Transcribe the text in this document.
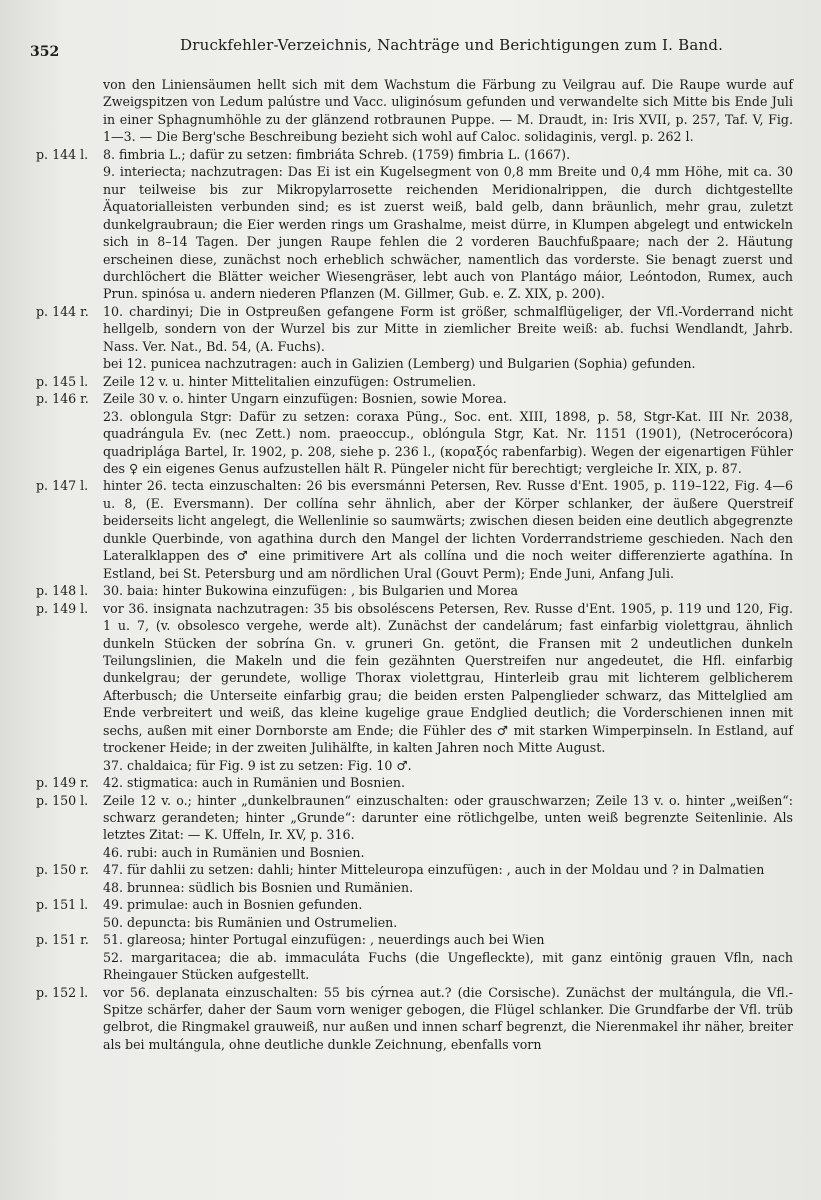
352	Druckfehler-Verzeichnis, Nachträge und Berichtigungen zum I. Band.
von den Liniensäumen hellt sich mit dem Wachstum die Färbung zu Veilgrau auf. Die Raupe wurde auf Zweigspitzen von Ledum palústre und Vacc. uliginósum gefunden und verwandelte sich Mitte bis Ende Juli in einer Sphagnumhöhle zu der glänzend rotbraunen Puppe. — M. Draudt, in: Iris XVII, p. 257, Taf. V, Fig. 1—3. — Die Berg'sche Beschreibung bezieht sich wohl auf Caloc. solidaginis, vergl. p. 262 l.
p. 144 l.	8. fimbria L.; dafür zu setzen: fimbriáta Schreb. (1759) fimbria L. (1667).
9. interiecta; nachzutragen: Das Ei ist ein Kugelsegment von 0,8 mm Breite und 0,4 mm Höhe, mit ca. 30 nur teilweise bis zur Mikropylarrosette reichenden Meridionalrippen, die durch dichtgestellte Äquatorialleisten verbunden sind; es ist zuerst weiß, bald gelb, dann bräunlich, mehr grau, zuletzt dunkelgraubraun; die Eier werden rings um Grashalme, meist dürre, in Klumpen abgelegt und entwickeln sich in 8–14 Tagen. Der jungen Raupe fehlen die 2 vorderen Bauchfußpaare; nach der 2. Häutung erscheinen diese, zunächst noch erheblich schwächer, namentlich das vorderste. Sie benagt zuerst und durchlöchert die Blätter weicher Wiesengräser, lebt auch von Plantágo máior, Leóntodon, Rumex, auch Prun. spinósa u. andern niederen Pflanzen (M. Gillmer, Gub. e. Z. XIX, p. 200).
p. 144 r.	10. chardinyi; Die in Ostpreußen gefangene Form ist größer, schmalflügeliger, der Vfl.-Vorderrand nicht hellgelb, sondern von der Wurzel bis zur Mitte in ziemlicher Breite weiß: ab. fuchsi Wendlandt, Jahrb. Nass. Ver. Nat., Bd. 54, (A. Fuchs).
bei 12. punicea nachzutragen: auch in Galizien (Lemberg) und Bulgarien (Sophia) gefunden.
p. 145 l.	Zeile 12 v. u. hinter Mittelitalien einzufügen: Ostrumelien.
p. 146 r.	Zeile 30 v. o. hinter Ungarn einzufügen: Bosnien, sowie Morea.
23. oblongula Stgr: Dafür zu setzen: coraxa Püng., Soc. ent. XIII, 1898, p. 58, Stgr-Kat. III Nr. 2038, quadrángula Ev. (nec Zett.) nom. praeoccup., oblóngula Stgr, Kat. Nr. 1151 (1901), (Netrocerócora) quadriplága Bartel, Ir. 1902, p. 208, siehe p. 236 l., (κοραξός rabenfarbig). Wegen der eigenartigen Fühler des ♀ ein eigenes Genus aufzustellen hält R. Püngeler nicht für berechtigt; vergleiche Ir. XIX, p. 87.
p. 147 l.	hinter 26. tecta einzuschalten: 26 bis eversmánni Petersen, Rev. Russe d'Ent. 1905, p. 119–122, Fig. 4—6 u. 8, (E. Eversmann). Der collína sehr ähnlich, aber der Körper schlanker, der äußere Querstreif beiderseits licht angelegt, die Wellenlinie so saumwärts; zwischen diesen beiden eine deutlich abgegrenzte dunkle Querbinde, von agathina durch den Mangel der lichten Vorderrandstrieme geschieden. Nach den Lateralklappen des ♂ eine primitivere Art als collína und die noch weiter differenzierte agathína. In Estland, bei St. Petersburg und am nördlichen Ural (Gouvt Perm); Ende Juni, Anfang Juli.
p. 148 l.	30. baia: hinter Bukowina einzufügen: , bis Bulgarien und Morea
p. 149 l.	vor 36. insignata nachzutragen: 35 bis obsoléscens Petersen, Rev. Russe d'Ent. 1905, p. 119 und 120, Fig. 1 u. 7, (v. obsolesco vergehe, werde alt). Zunächst der candelárum; fast einfarbig violettgrau, ähnlich dunkeln Stücken der sobrína Gn. v. gruneri Gn. getönt, die Fransen mit 2 undeutlichen dunkeln Teilungslinien, die Makeln und die fein gezähnten Querstreifen nur angedeutet, die Hfl. einfarbig dunkelgrau; der gerundete, wollige Thorax violettgrau, Hinterleib grau mit lichterem gelblicherem Afterbusch; die Unterseite einfarbig grau; die beiden ersten Palpenglieder schwarz, das Mittelglied am Ende verbreitert und weiß, das kleine kugelige graue Endglied deutlich; die Vorderschienen innen mit sechs, außen mit einer Dornborste am Ende; die Fühler des ♂ mit starken Wimperpinseln. In Estland, auf trockener Heide; in der zweiten Julihälfte, in kalten Jahren noch Mitte August.
37. chaldaica; für Fig. 9 ist zu setzen: Fig. 10 ♂.
p. 149 r.	42. stigmatica: auch in Rumänien und Bosnien.
p. 150 l.	Zeile 12 v. o.; hinter „dunkelbraunen“ einzuschalten: oder grauschwarzen; Zeile 13 v. o. hinter „weißen“: schwarz gerandeten; hinter „Grunde“: darunter eine rötlichgelbe, unten weiß begrenzte Seitenlinie. Als letztes Zitat: — K. Uffeln, Ir. XV, p. 316.
46. rubi: auch in Rumänien und Bosnien.
p. 150 r.	47. für dahlii zu setzen: dahli; hinter Mitteleuropa einzufügen: , auch in der Moldau und ? in Dalmatien
48. brunnea: südlich bis Bosnien und Rumänien.
p. 151 l.	49. primulae: auch in Bosnien gefunden.
50. depuncta: bis Rumänien und Ostrumelien.
p. 151 r.	51. glareosa; hinter Portugal einzufügen: , neuerdings auch bei Wien
52. margaritacea; die ab. immaculáta Fuchs (die Ungefleckte), mit ganz eintönig grauen Vfln, nach Rheingauer Stücken aufgestellt.
p. 152 l.	vor 56. deplanata einzuschalten: 55 bis cýrnea aut.? (die Corsische). Zunächst der multángula, die Vfl.-Spitze schärfer, daher der Saum vorn weniger gebogen, die Flügel schlanker. Die Grundfarbe der Vfl. trüb gelbrot, die Ringmakel grauweiß, nur außen und innen scharf begrenzt, die Nierenmakel ihr näher, breiter als bei multángula, ohne deutliche dunkle Zeichnung, ebenfalls vorn
